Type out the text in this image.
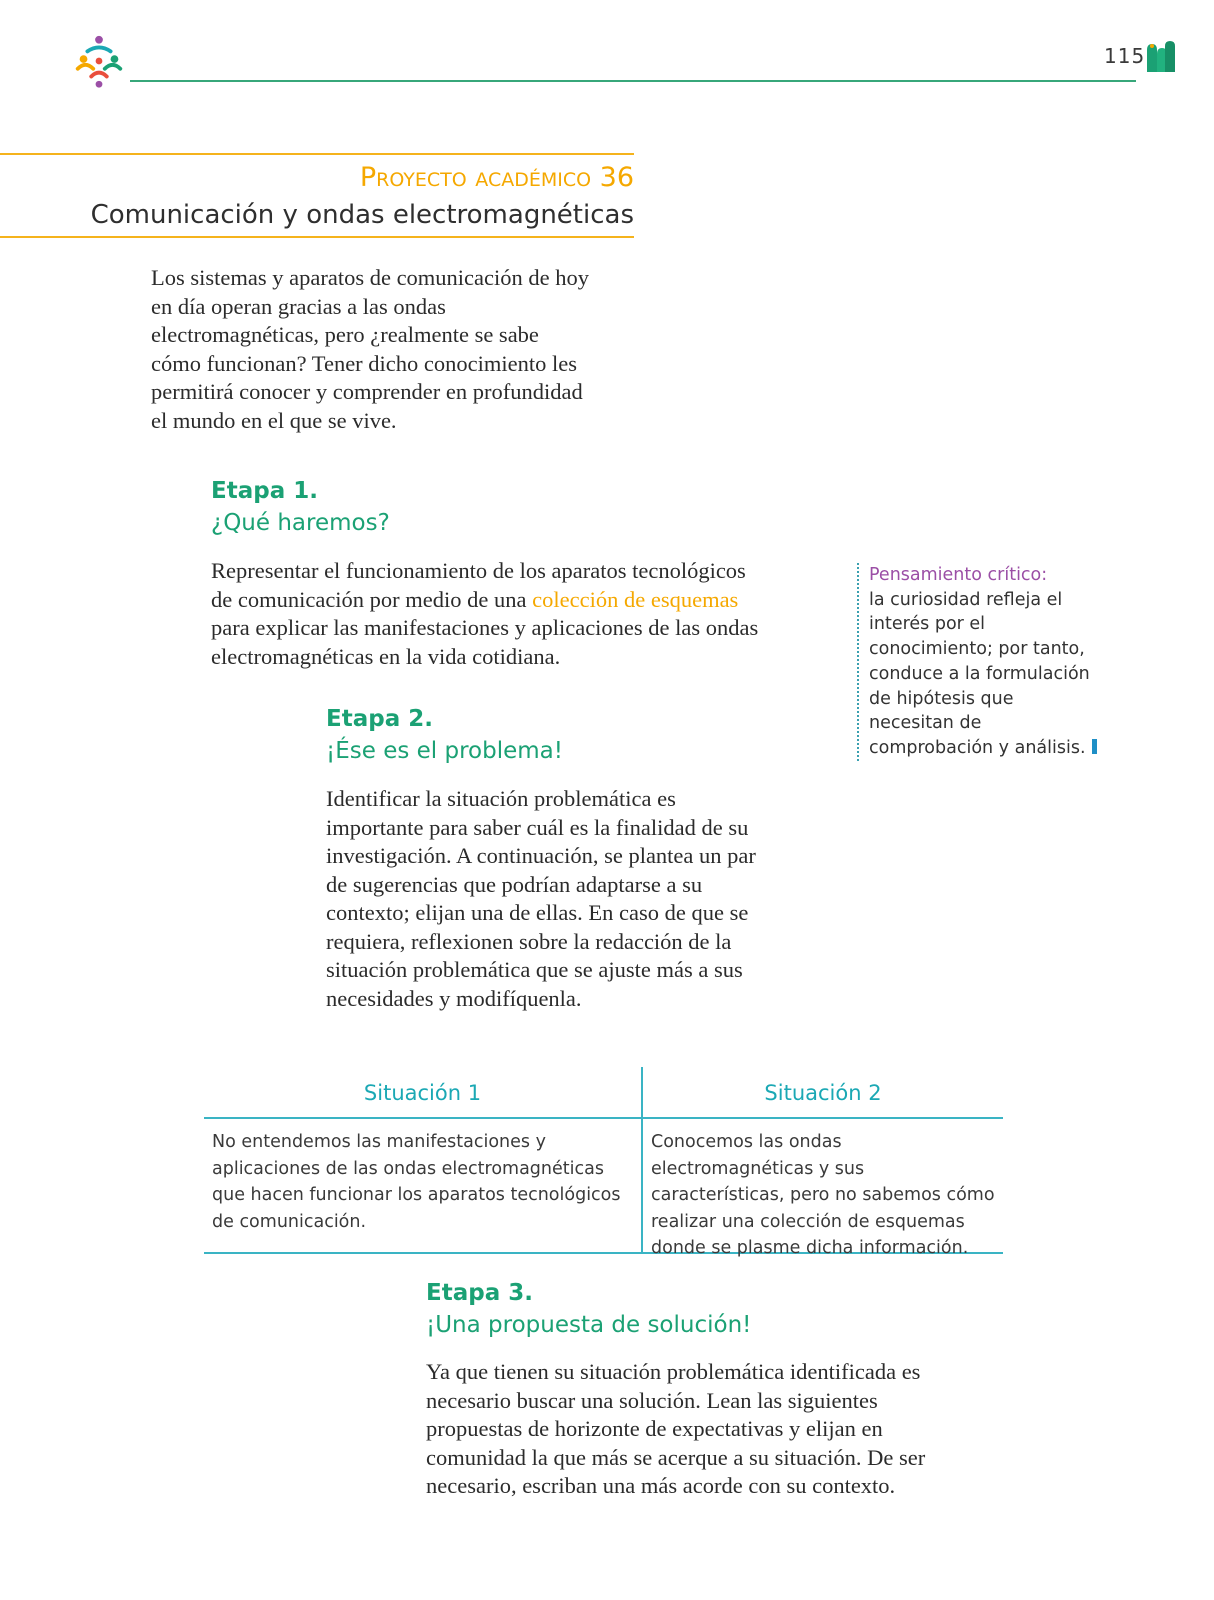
115
Proyecto académico 36
Comunicación y ondas electromagnéticas
Los sistemas y aparatos de comunicación de hoy en día operan gracias a las ondas electromagnéticas, pero ¿realmente se sabe cómo funcionan? Tener dicho conocimiento les permitirá conocer y comprender en profundidad el mundo en el que se vive.
Etapa 1.
¿Qué haremos?
Representar el funcionamiento de los aparatos tecnológicos de comunicación por medio de una colección de esquemas para explicar las manifestaciones y aplicaciones de las ondas electromagnéticas en la vida cotidiana.
Pensamiento crítico:
la curiosidad refleja el interés por el conocimiento; por tanto, conduce a la formulación de hipótesis que necesitan de comprobación y análisis.
Etapa 2.
¡Ése es el problema!
Identificar la situación problemática es importante para saber cuál es la finalidad de su investigación. A continuación, se plantea un par de sugerencias que podrían adaptarse a su contexto; elijan una de ellas. En caso de que se requiera, reflexionen sobre la redacción de la situación problemática que se ajuste más a sus necesidades y modifíquenla.
Situación 1	Situación 2
No entendemos las manifestaciones y aplicaciones de las ondas electromagnéticas que hacen funcionar los aparatos tecnológicos de comunicación.
Conocemos las ondas electromagnéticas y sus características, pero no sabemos cómo realizar una colección de esquemas donde se plasme dicha información.
Etapa 3.
¡Una propuesta de solución!
Ya que tienen su situación problemática identificada es necesario buscar una solución. Lean las siguientes propuestas de horizonte de expectativas y elijan en comunidad la que más se acerque a su situación. De ser necesario, escriban una más acorde con su contexto.
